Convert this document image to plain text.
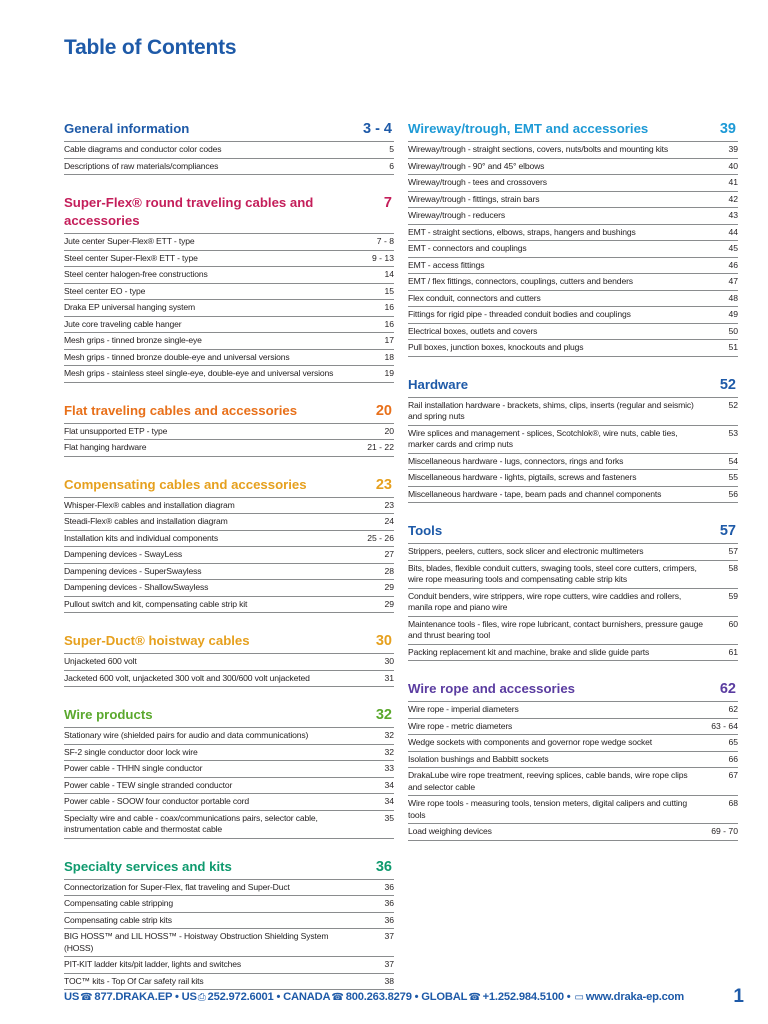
Table of Contents
General information	3 - 4
Cable diagrams and conductor color codes	5
Descriptions of raw materials/compliances	6
Super-Flex® round traveling cables and accessories
7
Jute center Super-Flex® ETT - type	7 - 8
Steel center Super-Flex® ETT - type	9 - 13
Steel center halogen-free constructions	14
Steel center EO - type	15
Draka EP universal hanging system	16
Jute core traveling cable hanger	16
Mesh grips - tinned bronze single-eye	17
Mesh grips - tinned bronze double-eye and universal versions	18
Mesh grips - stainless steel single-eye, double-eye and universal versions	19
Flat traveling cables and accessories	20
Flat unsupported ETP - type	20
Flat hanging hardware	21 - 22
Compensating cables and accessories	23
Whisper-Flex® cables and installation diagram	23
Steadi-Flex® cables and installation diagram	24
Installation kits and individual components	25 - 26
Dampening devices - SwayLess	27
Dampening devices - SuperSwayless	28
Dampening devices - ShallowSwayless	29
Pullout switch and kit, compensating cable strip kit	29
Super-Duct® hoistway cables	30
Unjacketed 600 volt	30
Jacketed 600 volt, unjacketed 300 volt and 300/600 volt unjacketed	31
Wire products	32
Stationary wire (shielded pairs for audio and data communications)	32
SF-2 single conductor door lock wire	32
Power cable - THHN single conductor	33
Power cable - TEW single stranded conductor	34
Power cable - SOOW four conductor portable cord	34
Specialty wire and cable - coax/communications pairs, selector cable, instrumentation cable and thermostat cable
35
Specialty services and kits	36
Connectorization for Super-Flex, flat traveling and Super-Duct	36
Compensating cable stripping	36
Compensating cable strip kits	36
BIG HOSS™ and LIL HOSS™ - Hoistway Obstruction Shielding System (HOSS)
37
PIT-KIT ladder kits/pit ladder, lights and switches	37
TOC™ kits - Top Of Car safety rail kits	38
Wireway/trough, EMT and accessories	39
Wireway/trough - straight sections, covers, nuts/bolts and mounting kits	39
Wireway/trough - 90° and 45° elbows	40
Wireway/trough - tees and crossovers	41
Wireway/trough - fittings, strain bars	42
Wireway/trough - reducers	43
EMT - straight sections, elbows, straps, hangers and bushings	44
EMT - connectors and couplings	45
EMT - access fittings	46
EMT / flex fittings, connectors, couplings, cutters and benders	47
Flex conduit, connectors and cutters	48
Fittings for rigid pipe - threaded conduit bodies and couplings	49
Electrical boxes, outlets and covers	50
Pull boxes, junction boxes, knockouts and plugs	51
Hardware	52
Rail installation hardware - brackets, shims, clips, inserts (regular and seismic) and spring nuts
52
Wire splices and management - splices, Scotchlok®, wire nuts, cable ties, marker cards and crimp nuts
53
Miscellaneous hardware - lugs, connectors, rings and forks	54
Miscellaneous hardware - lights, pigtails, screws and fasteners	55
Miscellaneous hardware - tape, beam pads and channel components	56
Tools	57
Strippers, peelers, cutters, sock slicer and electronic multimeters	57
Bits, blades, flexible conduit cutters, swaging tools, steel core cutters, crimpers, wire rope measuring tools and compensating cable strip kits
58
Conduit benders, wire strippers, wire rope cutters, wire caddies and rollers, manila rope and piano wire
59
Maintenance tools - files, wire rope lubricant, contact burnishers, pressure gauge and thrust bearing tool
60
Packing replacement kit and machine, brake and slide guide parts	61
Wire rope and accessories	62
Wire rope - imperial diameters	62
Wire rope - metric diameters	63 - 64
Wedge sockets with components and governor rope wedge socket	65
Isolation bushings and Babbitt sockets	66
DrakaLube wire rope treatment, reeving splices, cable bands, wire rope clips and selector cable
67
Wire rope tools - measuring tools, tension meters, digital calipers and cutting tools
68
Load weighing devices	69 - 70
US☎ 877.DRAKA.EP • US⎙ 252.972.6001 • CANADA☎ 800.263.8279 • GLOBAL☎ +1.252.984.5100 • ▭ www.draka-ep.com	1
